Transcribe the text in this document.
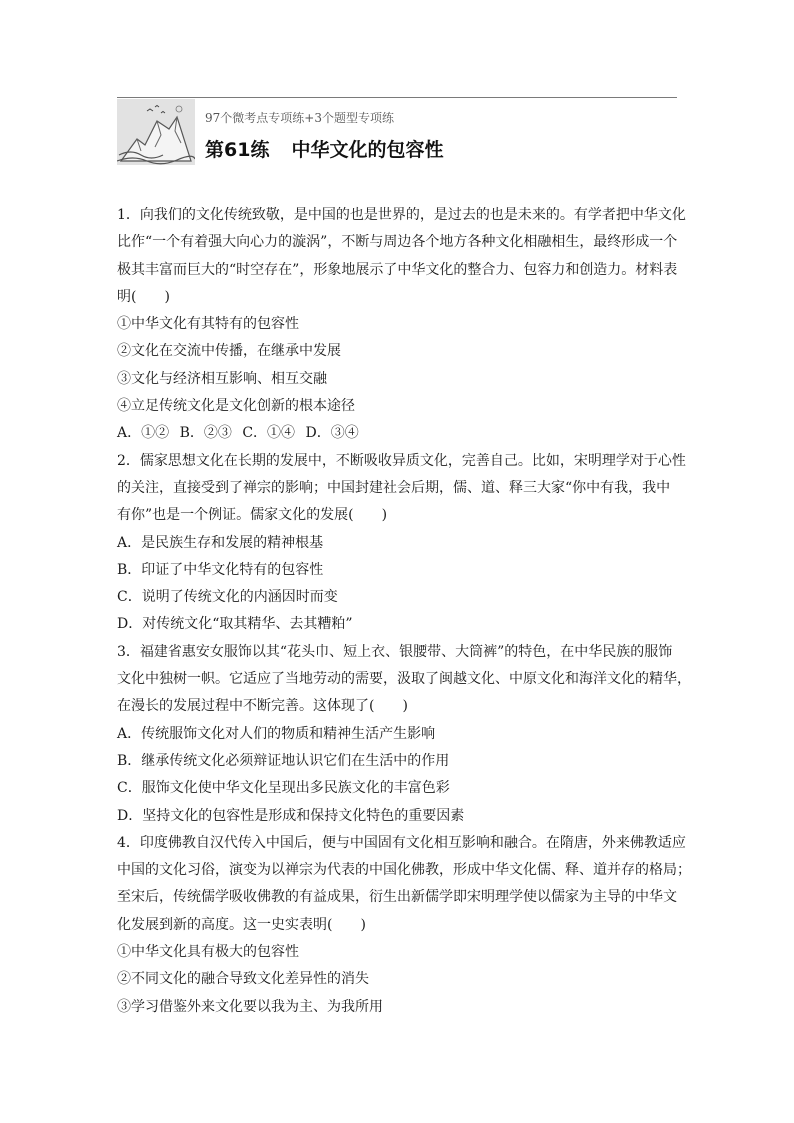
97个微考点专项练+3个题型专项练
第61练 中华文化的包容性
1．向我们的文化传统致敬，是中国的也是世界的，是过去的也是未来的。有学者把中华文化
比作“一个有着强大向心力的漩涡”，不断与周边各个地方各种文化相融相生，最终形成一个
极其丰富而巨大的“时空存在”，形象地展示了中华文化的整合力、包容力和创造力。材料表
明(　　)
①中华文化有其特有的包容性
②文化在交流中传播，在继承中发展
③文化与经济相互影响、相互交融
④立足传统文化是文化创新的根本途径
A．①② B．②③ C．①④ D．③④
2．儒家思想文化在长期的发展中，不断吸收异质文化，完善自己。比如，宋明理学对于心性
的关注，直接受到了禅宗的影响；中国封建社会后期，儒、道、释三大家“你中有我，我中
有你”也是一个例证。儒家文化的发展(　　)
A．是民族生存和发展的精神根基
B．印证了中华文化特有的包容性
C．说明了传统文化的内涵因时而变
D．对传统文化“取其精华、去其糟粕”
3．福建省惠安女服饰以其“花头巾、短上衣、银腰带、大筒裤”的特色，在中华民族的服饰
文化中独树一帜。它适应了当地劳动的需要，汲取了闽越文化、中原文化和海洋文化的精华，
在漫长的发展过程中不断完善。这体现了(　　)
A．传统服饰文化对人们的物质和精神生活产生影响
B．继承传统文化必须辩证地认识它们在生活中的作用
C．服饰文化使中华文化呈现出多民族文化的丰富色彩
D．坚持文化的包容性是形成和保持文化特色的重要因素
4．印度佛教自汉代传入中国后，便与中国固有文化相互影响和融合。在隋唐，外来佛教适应
中国的文化习俗，演变为以禅宗为代表的中国化佛教，形成中华文化儒、释、道并存的格局；
至宋后，传统儒学吸收佛教的有益成果，衍生出新儒学即宋明理学使以儒家为主导的中华文
化发展到新的高度。这一史实表明(　　)
①中华文化具有极大的包容性
②不同文化的融合导致文化差异性的消失
③学习借鉴外来文化要以我为主、为我所用
